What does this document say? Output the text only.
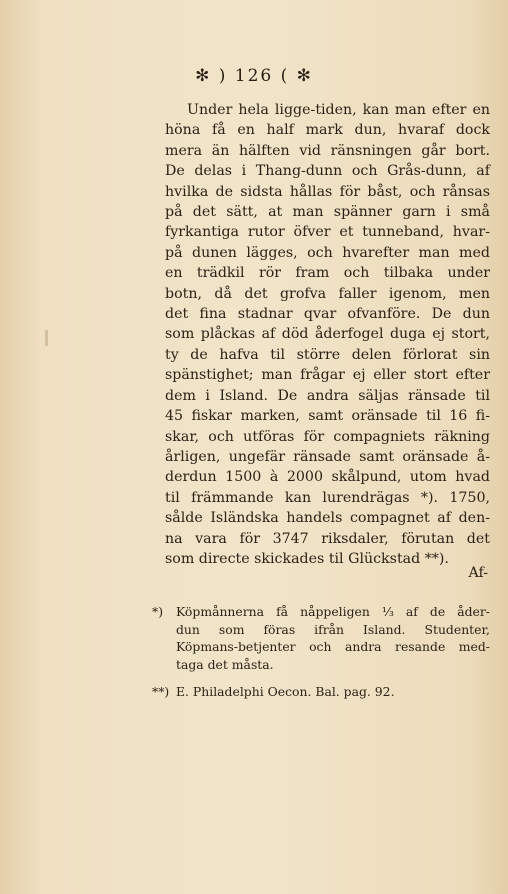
✻ ) 126 ( ✻
Under hela ligge-tiden, kan man efter en
höna få en half mark dun, hvaraf dock
mera än hälften vid ränsningen går bort.
De delas i Thang-dunn och Grås-dunn, af
hvilka de sidsta hållas för båst, och rånsas
på det sätt, at man spänner garn i små
fyrkantiga rutor öfver et tunneband, hvar-
på dunen lägges, och hvarefter man med
en trädkil rör fram och tilbaka under
botn, då det grofva faller igenom, men
det fina stadnar qvar ofvanföre. De dun
som plåckas af död åderfogel duga ej stort,
ty de hafva til större delen förlorat sin
spänstighet; man frågar ej eller stort efter
dem i Island. De andra säljas ränsade til
45 fiskar marken, samt oränsade til 16 fi-
skar, och utföras för compagniets räkning
årligen, ungefär ränsade samt oränsade å-
derdun 1500 à 2000 skålpund, utom hvad
til främmande kan lurendrägas *). 1750,
sålde Isländska handels compagnet af den-
na vara för 3747 riksdaler, förutan det
som directe skickades til Glückstad **).
Af-
*) Köpmånnerna få nåppeligen ⅓ af de åder-
dun som föras ifrån Island. Studenter,
Köpmans-betjenter och andra resande med-
taga det måsta.
**) E. Philadelphi Oecon. Bal. pag. 92.
